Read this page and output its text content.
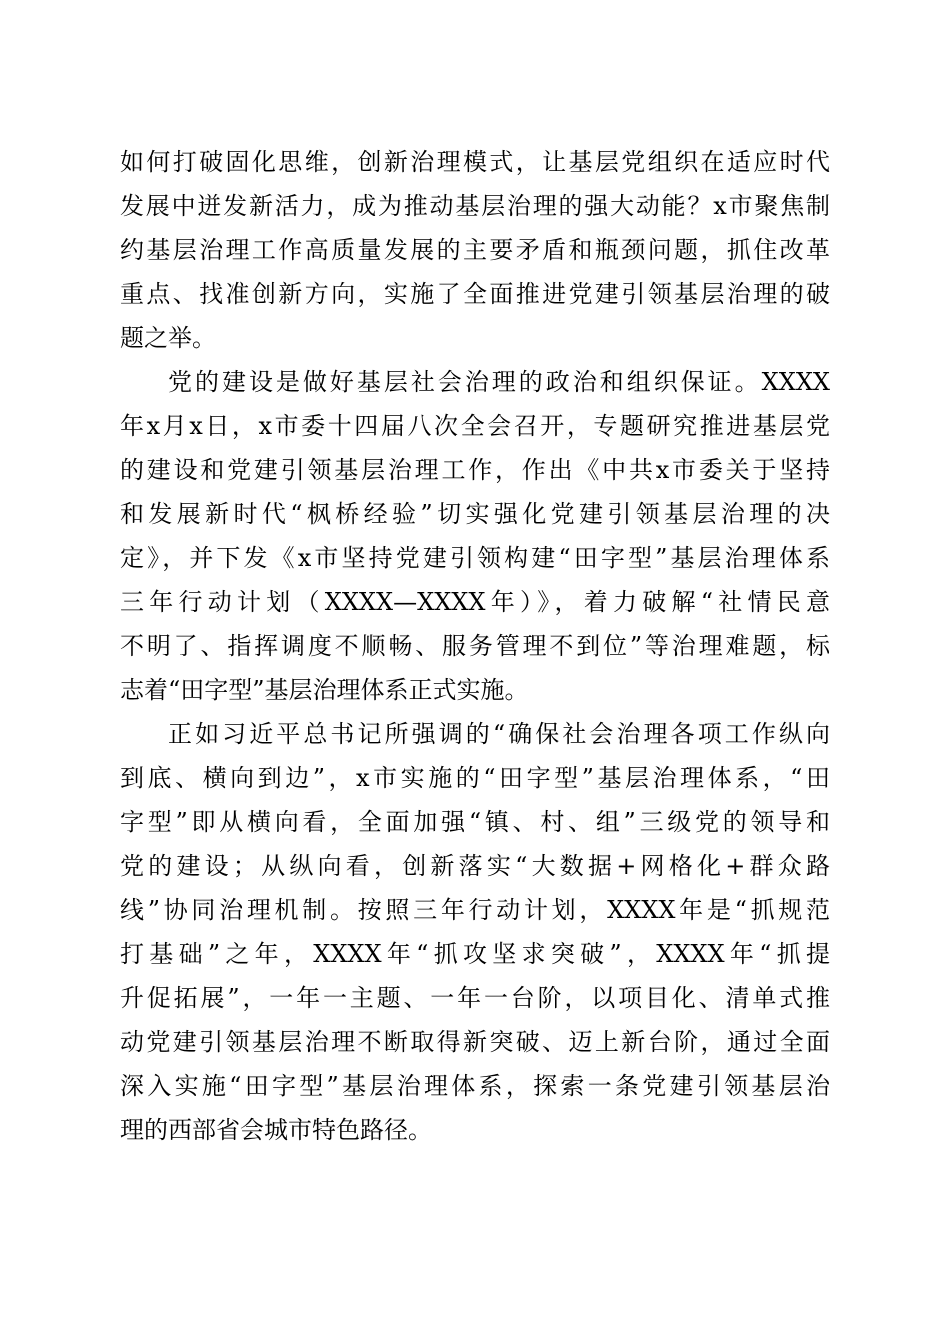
如何打破固化思维，创新治理模式，让基层党组织在适应时代
发展中迸发新活力，成为推动基层治理的强大动能？x市聚焦制
约基层治理工作高质量发展的主要矛盾和瓶颈问题，抓住改革
重点、找准创新方向，实施了全面推进党建引领基层治理的破
题之举。
党的建设是做好基层社会治理的政治和组织保证。XXXX
年x月x日，x市委十四届八次全会召开，专题研究推进基层党
的建设和党建引领基层治理工作，作出《中共x市委关于坚持
和发展新时代“枫桥经验”切实强化党建引领基层治理的决
定》，并下发《x市坚持党建引领构建“田字型”基层治理体系
三年行动计划（XXXX—XXXX年）》，着力破解“社情民意
不明了、指挥调度不顺畅、服务管理不到位”等治理难题，标
志着“田字型”基层治理体系正式实施。
正如习近平总书记所强调的“确保社会治理各项工作纵向
到底、横向到边”，x市实施的“田字型”基层治理体系，“田
字型”即从横向看，全面加强“镇、村、组”三级党的领导和
党的建设；从纵向看，创新落实“大数据+网格化+群众路
线”协同治理机制。按照三年行动计划，XXXX年是“抓规范
打基础”之年，XXXX年“抓攻坚求突破”，XXXX年“抓提
升促拓展”，一年一主题、一年一台阶，以项目化、清单式推
动党建引领基层治理不断取得新突破、迈上新台阶，通过全面
深入实施“田字型”基层治理体系，探索一条党建引领基层治
理的西部省会城市特色路径。
